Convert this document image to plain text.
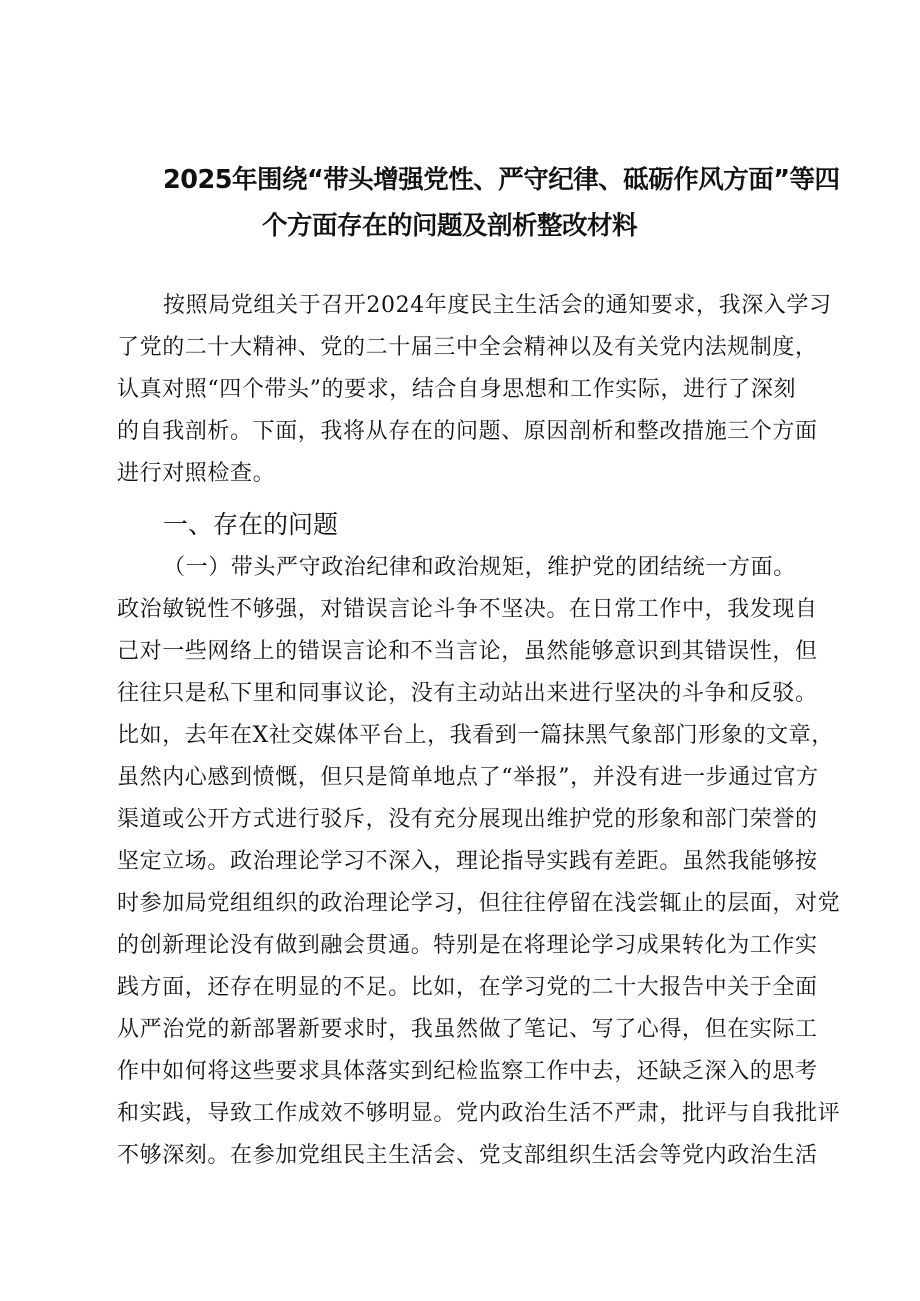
2025年围绕“带头增强党性、严守纪律、砥砺作风方面”等四
个方面存在的问题及剖析整改材料
按照局党组关于召开2024年度民主生活会的通知要求，我深入学习
了党的二十大精神、党的二十届三中全会精神以及有关党内法规制度，
认真对照“四个带头”的要求，结合自身思想和工作实际，进行了深刻
的自我剖析。下面，我将从存在的问题、原因剖析和整改措施三个方面
进行对照检查。
一、存在的问题
（一）带头严守政治纪律和政治规矩，维护党的团结统一方面。
政治敏锐性不够强，对错误言论斗争不坚决。在日常工作中，我发现自
己对一些网络上的错误言论和不当言论，虽然能够意识到其错误性，但
往往只是私下里和同事议论，没有主动站出来进行坚决的斗争和反驳。
比如，去年在X社交媒体平台上，我看到一篇抹黑气象部门形象的文章，
虽然内心感到愤慨，但只是简单地点了“举报”，并没有进一步通过官方
渠道或公开方式进行驳斥，没有充分展现出维护党的形象和部门荣誉的
坚定立场。政治理论学习不深入，理论指导实践有差距。虽然我能够按
时参加局党组组织的政治理论学习，但往往停留在浅尝辄止的层面，对党
的创新理论没有做到融会贯通。特别是在将理论学习成果转化为工作实
践方面，还存在明显的不足。比如，在学习党的二十大报告中关于全面
从严治党的新部署新要求时，我虽然做了笔记、写了心得，但在实际工
作中如何将这些要求具体落实到纪检监察工作中去，还缺乏深入的思考
和实践，导致工作成效不够明显。党内政治生活不严肃，批评与自我批评
不够深刻。在参加党组民主生活会、党支部组织生活会等党内政治生活
